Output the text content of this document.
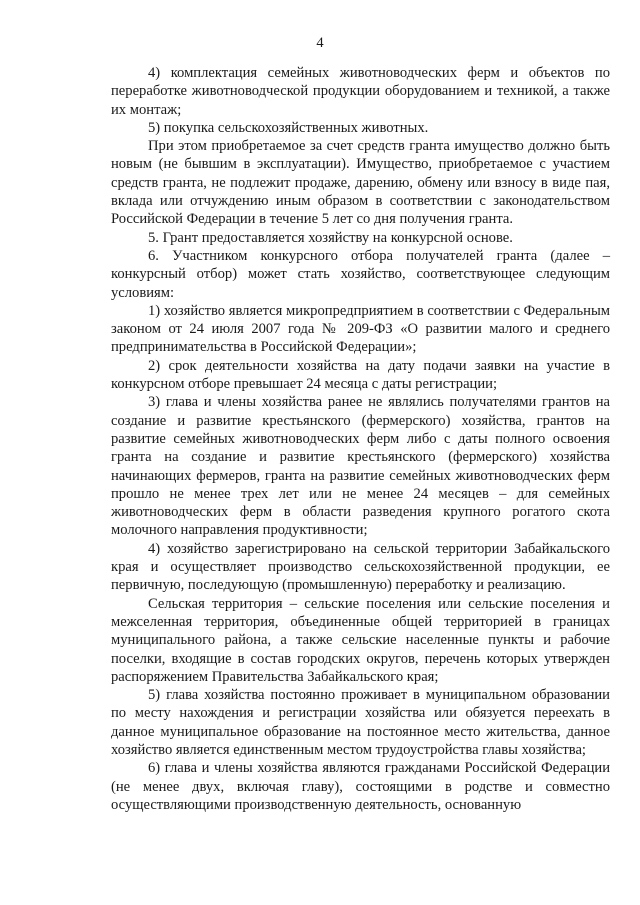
4

4) комплектация семейных животноводческих ферм и объектов по переработке животноводческой продукции оборудованием и техникой, а также их монтаж;

5) покупка сельскохозяйственных животных.

При этом приобретаемое за счет средств гранта имущество должно быть новым (не бывшим в эксплуатации). Имущество, приобретаемое с участием средств гранта, не подлежит продаже, дарению, обмену или взносу в виде пая, вклада или отчуждению иным образом в соответствии с законодательством Российской Федерации в течение 5 лет со дня получения гранта.

5. Грант предоставляется хозяйству на конкурсной основе.

6. Участником конкурсного отбора получателей гранта (далее – конкурсный отбор) может стать хозяйство, соответствующее следующим условиям:

1) хозяйство является микропредприятием в соответствии с Федеральным законом от 24 июля 2007 года № 209-ФЗ «О развитии малого и среднего предпринимательства в Российской Федерации»;

2) срок деятельности хозяйства на дату подачи заявки на участие в конкурсном отборе превышает 24 месяца с даты регистрации;

3) глава и члены хозяйства ранее не являлись получателями грантов на создание и развитие крестьянского (фермерского) хозяйства, грантов на развитие семейных животноводческих ферм либо с даты полного освоения гранта на создание и развитие крестьянского (фермерского) хозяйства начинающих фермеров, гранта на развитие семейных животноводческих ферм прошло не менее трех лет или не менее 24 месяцев – для семейных животноводческих ферм в области разведения крупного рогатого скота молочного направления продуктивности;

4) хозяйство зарегистрировано на сельской территории Забайкальского края и осуществляет производство сельскохозяйственной продукции, ее первичную, последующую (промышленную) переработку и реализацию.

Сельская территория – сельские поселения или сельские поселения и межселенная территория, объединенные общей территорией в границах муниципального района, а также сельские населенные пункты и рабочие поселки, входящие в состав городских округов, перечень которых утвержден распоряжением Правительства Забайкальского края;

5) глава хозяйства постоянно проживает в муниципальном образовании по месту нахождения и регистрации хозяйства или обязуется переехать в данное муниципальное образование на постоянное место жительства, данное хозяйство является единственным местом трудоустройства главы хозяйства;

6) глава и члены хозяйства являются гражданами Российской Федерации (не менее двух, включая главу), состоящими в родстве и совместно осуществляющими производственную деятельность, основанную
